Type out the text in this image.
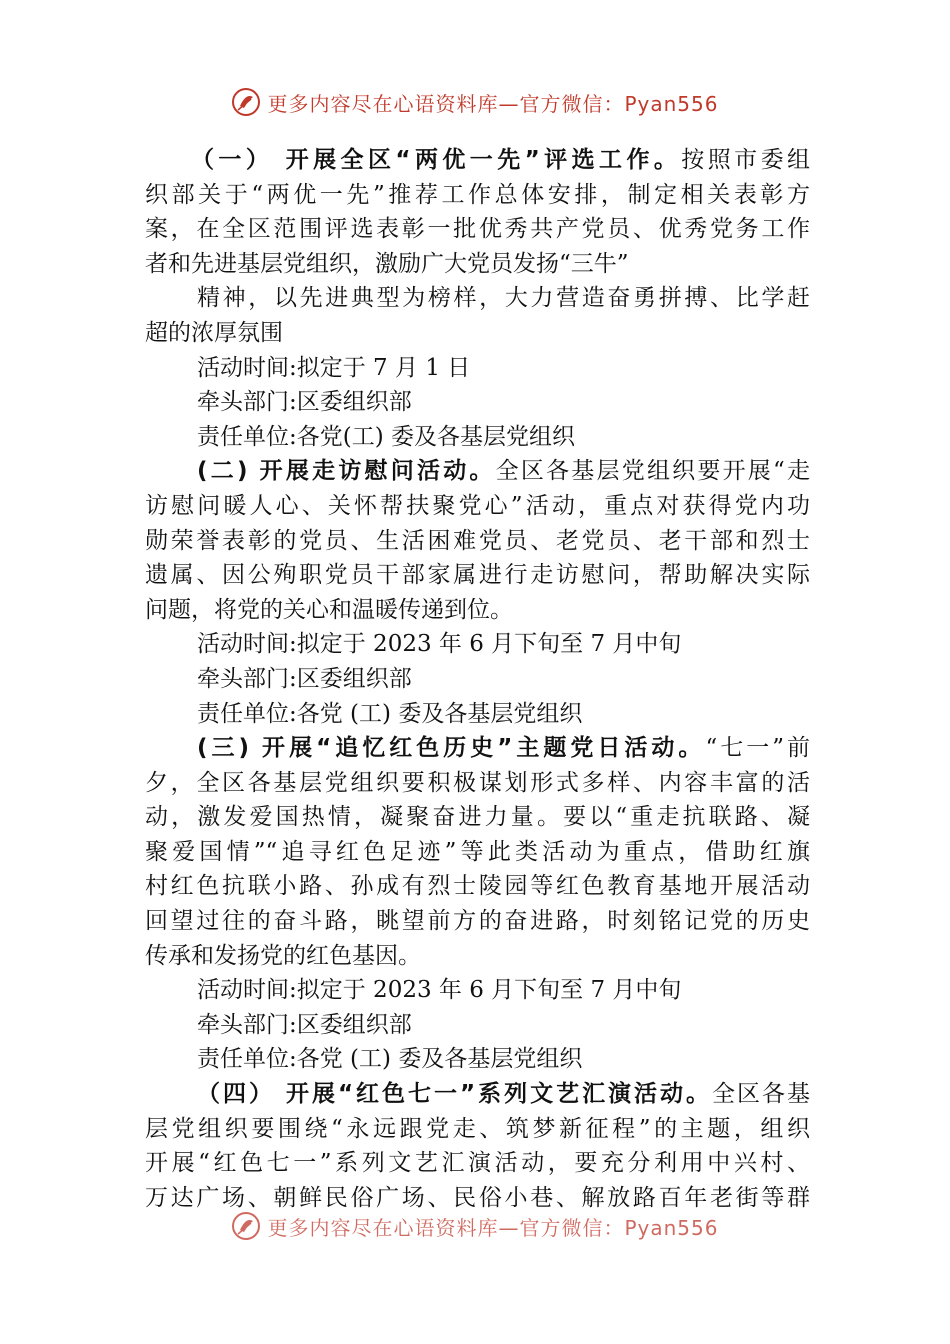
更多内容尽在心语资料库—官方微信：Pyan556
（一） 开展全区“两优一先”评选工作。按照市委组
织部关于“两优一先”推荐工作总体安排，制定相关表彰方
案，在全区范围评选表彰一批优秀共产党员、优秀党务工作
者和先进基层党组织，激励广大党员发扬“三牛”
精神，以先进典型为榜样，大力营造奋勇拼搏、比学赶
超的浓厚氛围
活动时间:拟定于 7 月 1 日
牵头部门:区委组织部
责任单位:各党(工) 委及各基层党组织
(二) 开展走访慰问活动。全区各基层党组织要开展“走
访慰问暖人心、关怀帮扶聚党心”活动，重点对获得党内功
勋荣誉表彰的党员、生活困难党员、老党员、老干部和烈士
遗属、因公殉职党员干部家属进行走访慰问，帮助解决实际
问题，将党的关心和温暖传递到位。
活动时间:拟定于 2023 年 6 月下旬至 7 月中旬
牵头部门:区委组织部
责任单位:各党 (工) 委及各基层党组织
(三) 开展“追忆红色历史”主题党日活动。“七一”前
夕，全区各基层党组织要积极谋划形式多样、内容丰富的活
动，激发爱国热情，凝聚奋进力量。要以“重走抗联路、凝
聚爱国情”“追寻红色足迹”等此类活动为重点，借助红旗
村红色抗联小路、孙成有烈士陵园等红色教育基地开展活动
回望过往的奋斗路，眺望前方的奋进路，时刻铭记党的历史
传承和发扬党的红色基因。
活动时间:拟定于 2023 年 6 月下旬至 7 月中旬
牵头部门:区委组织部
责任单位:各党 (工) 委及各基层党组织
（四） 开展“红色七一”系列文艺汇演活动。全区各基
层党组织要围绕“永远跟党走、筑梦新征程”的主题，组织
开展“红色七一”系列文艺汇演活动，要充分利用中兴村、
万达广场、朝鲜民俗广场、民俗小巷、解放路百年老街等群
更多内容尽在心语资料库—官方微信：Pyan556
